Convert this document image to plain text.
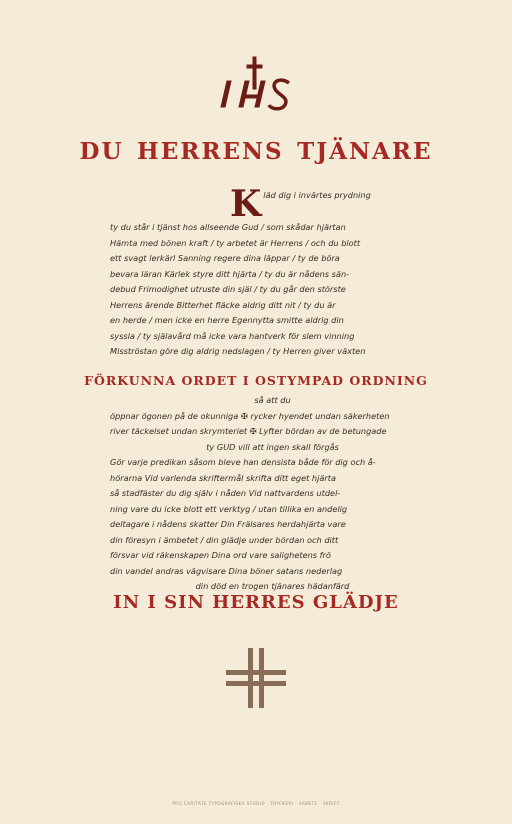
du herrens tjänare
Kläd dig i invärtes prydning
ty du står i tjänst hos allseende Gud / som skådar hjärtan
Hämta med bönen kraft / ty arbetet är Herrens / och du blott
ett svagt lerkärl Sanning regere dina läppar / ty de böra
bevara läran Kärlek styre ditt hjärta / ty du är nådens sän-
debud Frimodighet utruste din själ / ty du går den störste
Herrens ärende Bitterhet fläcke aldrig ditt nit / ty du är
en herde / men icke en herre Egennytta smitte aldrig din
syssla / ty själavård må icke vara hantverk för slem vinning
Misströstan göre dig aldrig nedslagen / ty Herren giver växten
FÖRKUNNA ORDET I OSTYMPAD ORDNING
så att du
öppnar ögonen på de okunniga ✠ rycker hyendet undan säkerheten
river täckelset undan skrymteriet ✠ Lyfter bördan av de betungade
ty GUD vill att ingen skall förgås
Gör varje predikan såsom bleve han densista både för dig och å-
hörarna Vid varlenda skriftermål skrifta ditt eget hjärta
så stadfäster du dig själv i nåden Vid nattvardens utdel-
ning vare du icke blott ett verktyg / utan tillika en andelig
deltagare i nådens skatter Din Frälsares herdahjärta vare
din föresyn i ämbetet / din glädje under bördan och ditt
försvar vid räkenskapen Dina ord vare salighetens frö
din vandel andras vägvisare Dina böner satans nederlag
din död en trogen tjänares hädanfärd
IN I SIN HERRES GLÄDJE
PRO CARITATE TYPOGRAFISKA STUDIO · TRYCKERI · ARBETE · SKRIFT
